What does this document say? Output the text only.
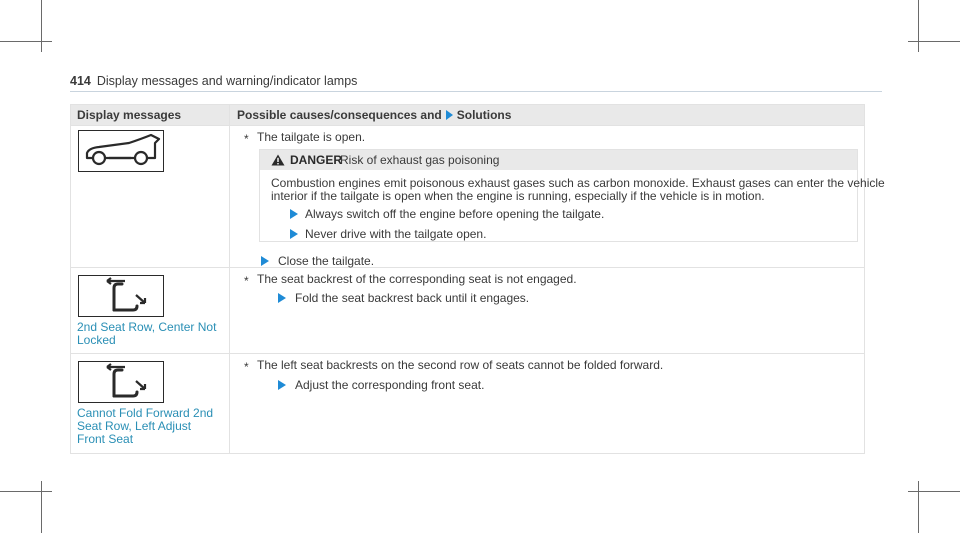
414 Display messages and warning/indicator lamps
Display messages	Possible causes/consequences and Solutions
* The tailgate is open.
DANGER
Risk of exhaust gas poisoning
Combustion engines emit poisonous exhaust gases such as carbon monoxide. Exhaust gases can enter the vehicle
interior if the tailgate is open when the engine is running, especially if the vehicle is in motion.
Always switch off the engine before opening the tailgate.
Never drive with the tailgate open.
Close the tailgate.
2nd Seat Row, Center Not
Locked
* The seat backrest of the corresponding seat is not engaged.
Fold the seat backrest back until it engages.
Cannot Fold Forward 2nd
Seat Row, Left Adjust
Front Seat
* The left seat backrests on the second row of seats cannot be folded forward.
Adjust the corresponding front seat.
